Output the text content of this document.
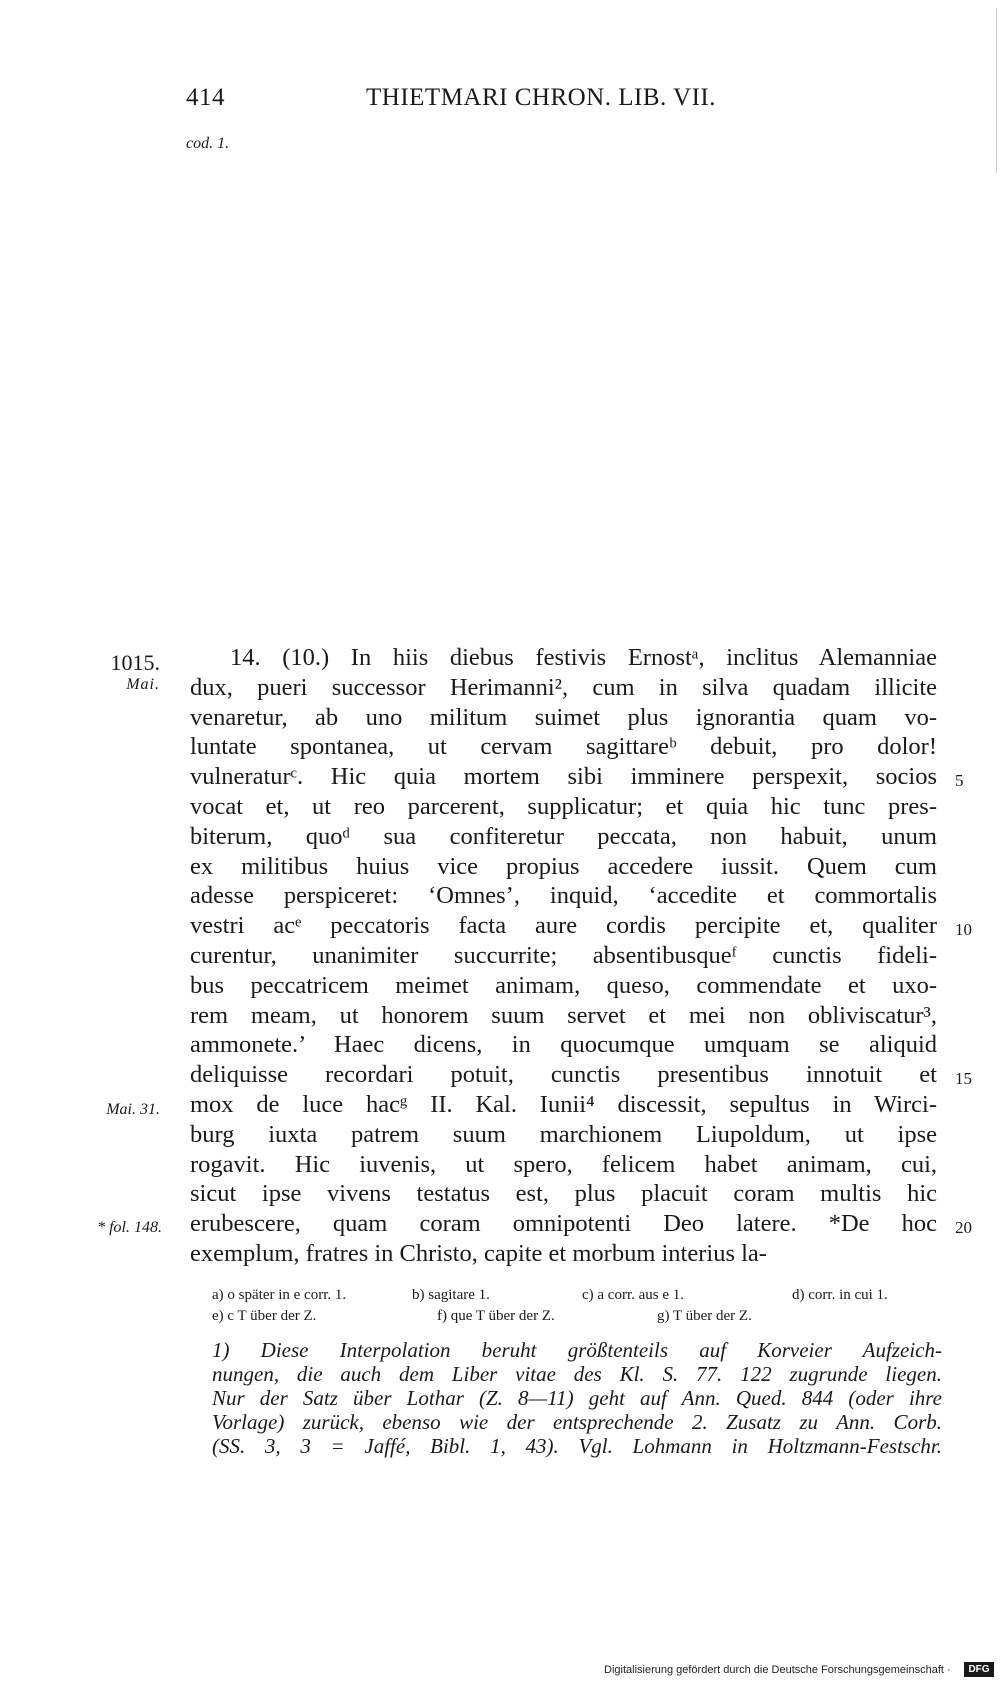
414	THIETMARI CHRON. LIB. VII.
cod. 1.
1015.
Mai.
Mai. 31.
* fol. 148.
14. (10.) In hiis diebus festivis Ernostᵃ, inclitus Alemanniae
dux, pueri successor Herimanni², cum in silva quadam illicite
venaretur, ab uno militum suimet plus ignorantia quam vo-
luntate spontanea, ut cervam sagittareᵇ debuit, pro dolor!
vulneraturᶜ. Hic quia mortem sibi imminere perspexit, socios
vocat et, ut reo parcerent, supplicatur; et quia hic tunc pres-
biterum, quoᵈ sua confiteretur peccata, non habuit, unum
ex militibus huius vice propius accedere iussit. Quem cum
adesse perspiceret: ‘Omnes’, inquid, ‘accedite et commortalis
vestri acᵉ peccatoris facta aure cordis percipite et, qualiter
curentur, unanimiter succurrite; absentibusqueᶠ cunctis fideli-
bus peccatricem meimet animam, queso, commendate et uxo-
rem meam, ut honorem suum servet et mei non obliviscatur³,
ammonete.’ Haec dicens, in quocumque umquam se aliquid
deliquisse recordari potuit, cunctis presentibus innotuit et
mox de luce hacᵍ II. Kal. Iunii⁴ discessit, sepultus in Wirci-
burg iuxta patrem suum marchionem Liupoldum, ut ipse
rogavit. Hic iuvenis, ut spero, felicem habet animam, cui,
sicut ipse vivens testatus est, plus placuit coram multis hic
erubescere, quam coram omnipotenti Deo latere. *De hoc
exemplum, fratres in Christo, capite et morbum interius la-
5
10
15
20
a) o später in e corr. 1.	b) sagitare 1.	c) a corr. aus e 1.	d) corr. in cui 1.
e) c T über der Z.	f) que T über der Z.	g) T über der Z.
1) Diese Interpolation beruht größtenteils auf Korveier Aufzeich-
nungen, die auch dem Liber vitae des Kl. S. 77. 122 zugrunde liegen.
Nur der Satz über Lothar (Z. 8—11) geht auf Ann. Qued. 844 (oder ihre
Vorlage) zurück, ebenso wie der entsprechende 2. Zusatz zu Ann. Corb.
(SS. 3, 3 = Jaffé, Bibl. 1, 43). Vgl. Lohmann in Holtzmann-Festschr.
Digitalisierung gefördert durch die Deutsche Forschungsgemeinschaft ·	DFG
